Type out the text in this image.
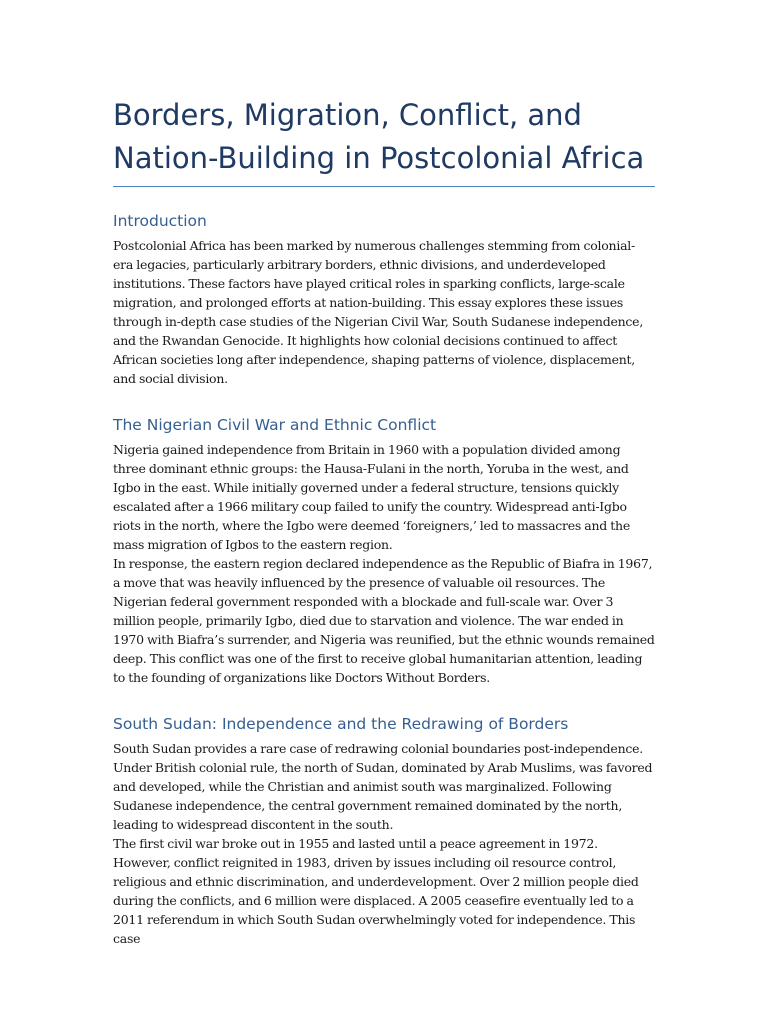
Borders, Migration, Conflict, and Nation-Building in Postcolonial Africa
Introduction

Postcolonial Africa has been marked by numerous challenges stemming from colonial-era legacies, particularly arbitrary borders, ethnic divisions, and underdeveloped institutions. These factors have played critical roles in sparking conflicts, large-scale migration, and prolonged efforts at nation-building. This essay explores these issues through in-depth case studies of the Nigerian Civil War, South Sudanese independence, and the Rwandan Genocide. It highlights how colonial decisions continued to affect African societies long after independence, shaping patterns of violence, displacement, and social division.

The Nigerian Civil War and Ethnic Conflict

Nigeria gained independence from Britain in 1960 with a population divided among three dominant ethnic groups: the Hausa-Fulani in the north, Yoruba in the west, and Igbo in the east. While initially governed under a federal structure, tensions quickly escalated after a 1966 military coup failed to unify the country. Widespread anti-Igbo riots in the north, where the Igbo were deemed ‘foreigners,’ led to massacres and the mass migration of Igbos to the eastern region.

In response, the eastern region declared independence as the Republic of Biafra in 1967, a move that was heavily influenced by the presence of valuable oil resources. The Nigerian federal government responded with a blockade and full-scale war. Over 3 million people, primarily Igbo, died due to starvation and violence. The war ended in 1970 with Biafra’s surrender, and Nigeria was reunified, but the ethnic wounds remained deep. This conflict was one of the first to receive global humanitarian attention, leading to the founding of organizations like Doctors Without Borders.

South Sudan: Independence and the Redrawing of Borders

South Sudan provides a rare case of redrawing colonial boundaries post-independence. Under British colonial rule, the north of Sudan, dominated by Arab Muslims, was favored and developed, while the Christian and animist south was marginalized. Following Sudanese independence, the central government remained dominated by the north, leading to widespread discontent in the south.

The first civil war broke out in 1955 and lasted until a peace agreement in 1972. However, conflict reignited in 1983, driven by issues including oil resource control, religious and ethnic discrimination, and underdevelopment. Over 2 million people died during the conflicts, and 6 million were displaced. A 2005 ceasefire eventually led to a 2011 referendum in which South Sudan overwhelmingly voted for independence. This case
